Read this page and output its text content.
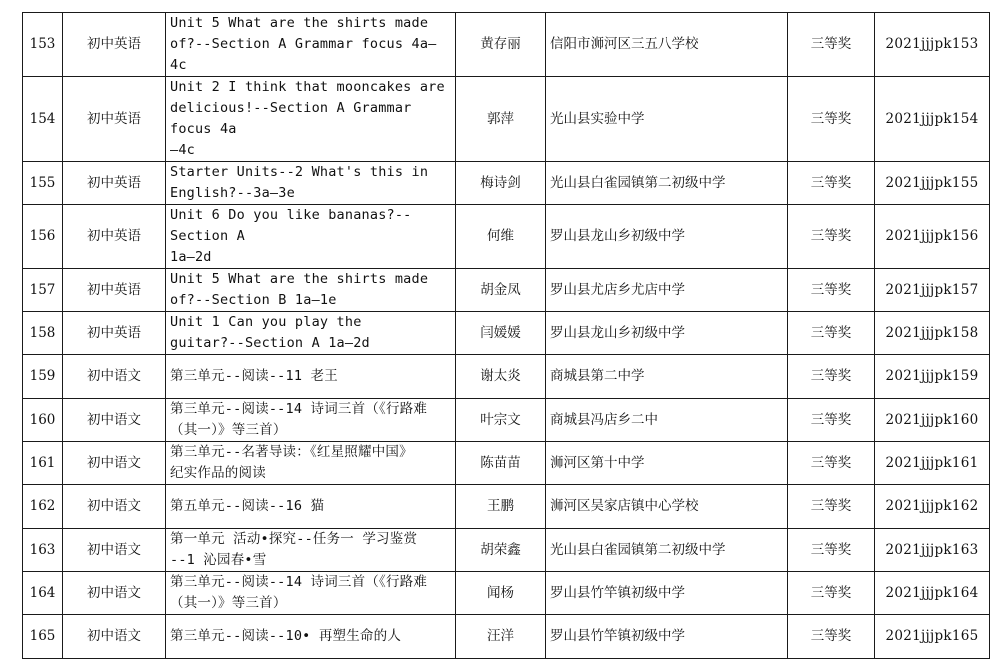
153	初中英语	Unit 5 What are the shirts made
of?--Section A Grammar focus 4a—4c	黄存丽	信阳市浉河区三五八学校	三等奖	2021jjjpk153
154	初中英语	Unit 2 I think that mooncakes are
delicious!--Section A Grammar focus 4a
—4c	郭萍	光山县实验中学	三等奖	2021jjjpk154
155	初中英语	Starter Units--2 What's this in
English?--3a—3e	梅诗剑	光山县白雀园镇第二初级中学	三等奖	2021jjjpk155
156	初中英语	Unit 6 Do you like bananas?--Section A
1a—2d	何维	罗山县龙山乡初级中学	三等奖	2021jjjpk156
157	初中英语	Unit 5 What are the shirts made
of?--Section B 1a—1e	胡金凤	罗山县尤店乡尤店中学	三等奖	2021jjjpk157
158	初中英语	Unit 1 Can you play the
guitar?--Section A 1a—2d	闫媛媛	罗山县龙山乡初级中学	三等奖	2021jjjpk158
159	初中语文	第三单元--阅读--11 老王	谢太炎	商城县第二中学	三等奖	2021jjjpk159
160	初中语文	第三单元--阅读--14 诗词三首（《行路难
（其一）》等三首）	叶宗文	商城县冯店乡二中	三等奖	2021jjjpk160
161	初中语文	第三单元--名著导读：《红星照耀中国》
纪实作品的阅读	陈苗苗	浉河区第十中学	三等奖	2021jjjpk161
162	初中语文	第五单元--阅读--16 猫	王鹏	浉河区吴家店镇中心学校	三等奖	2021jjjpk162
163	初中语文	第一单元 活动•探究--任务一 学习鉴赏
--1 沁园春•雪	胡荣鑫	光山县白雀园镇第二初级中学	三等奖	2021jjjpk163
164	初中语文	第三单元--阅读--14 诗词三首（《行路难
（其一）》等三首）	闻杨	罗山县竹竿镇初级中学	三等奖	2021jjjpk164
165	初中语文	第三单元--阅读--10• 再塑生命的人	汪洋	罗山县竹竿镇初级中学	三等奖	2021jjjpk165
